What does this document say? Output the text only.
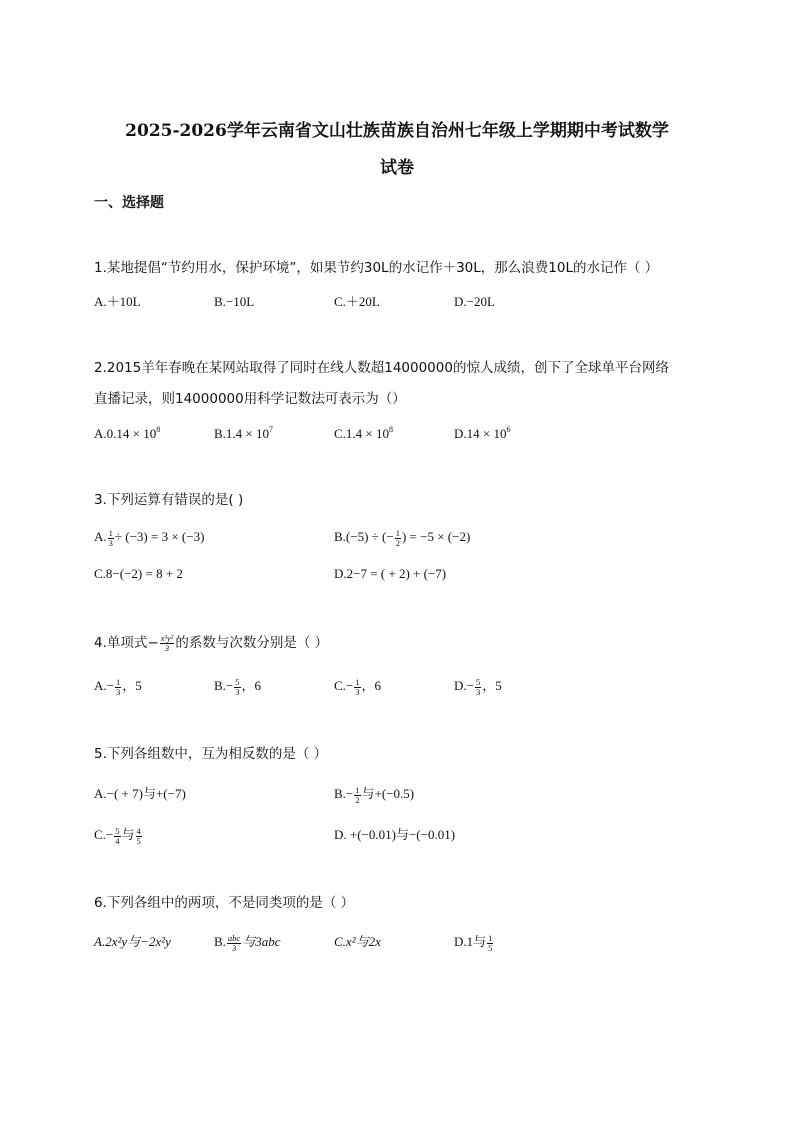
2025-2026学年云南省文山壮族苗族自治州七年级上学期期中考试数学
试卷
一、选择题
1.某地提倡“节约用水，保护环境”，如果节约30L的水记作＋30L，那么浪费10L的水记作（ ）
A.＋10L	B.−10L	C.＋20L	D.−20L
2.2015羊年春晚在某网站取得了同时在线人数超14000000的惊人成绩，创下了全球单平台网络
直播记录，则14000000用科学记数法可表示为（）
$A.0.14 \times 10^8$	$B.1.4 \times 10^7$	$C.1.4 \times 10^8$	$D.14 \times 10^6$
3.下列运算有错误的是( )
A. $\frac{1}{3} \div (-3) = 3 \times (-3)$	B.(−5) ÷ (− $\frac{1}{2}$ ) = −5 × (−2)
C.8−(−2) = 8 + 2	D.2−7 = ( + 2) + (−7)
4.单项式− $\frac{\text{x³y²}}{3}$ 的系数与次数分别是（ ）
$A.- \frac{1}{3}$ ，5	$B.- \frac{5}{3}$ ，6	$C.- \frac{1}{3}$ ，6	$D.- \frac{5}{3}$ ，5
5.下列各组数中，互为相反数的是（ ）
A.−( + 7)与+(−7)	$B.- \frac{1}{2}$ 与+(−0.5)
$C.- \frac{5}{4}$ 与 $\frac{4}{5}$	D. +(−0.01)与−(−0.01)
6.下列各组中的两项，不是同类项的是（ ）
A.2x²y与−2x²y	B. $\frac{\text{abc}}{3}$ 与3abc	C.x²与2x	D.1与 $\frac{1}{5}$
